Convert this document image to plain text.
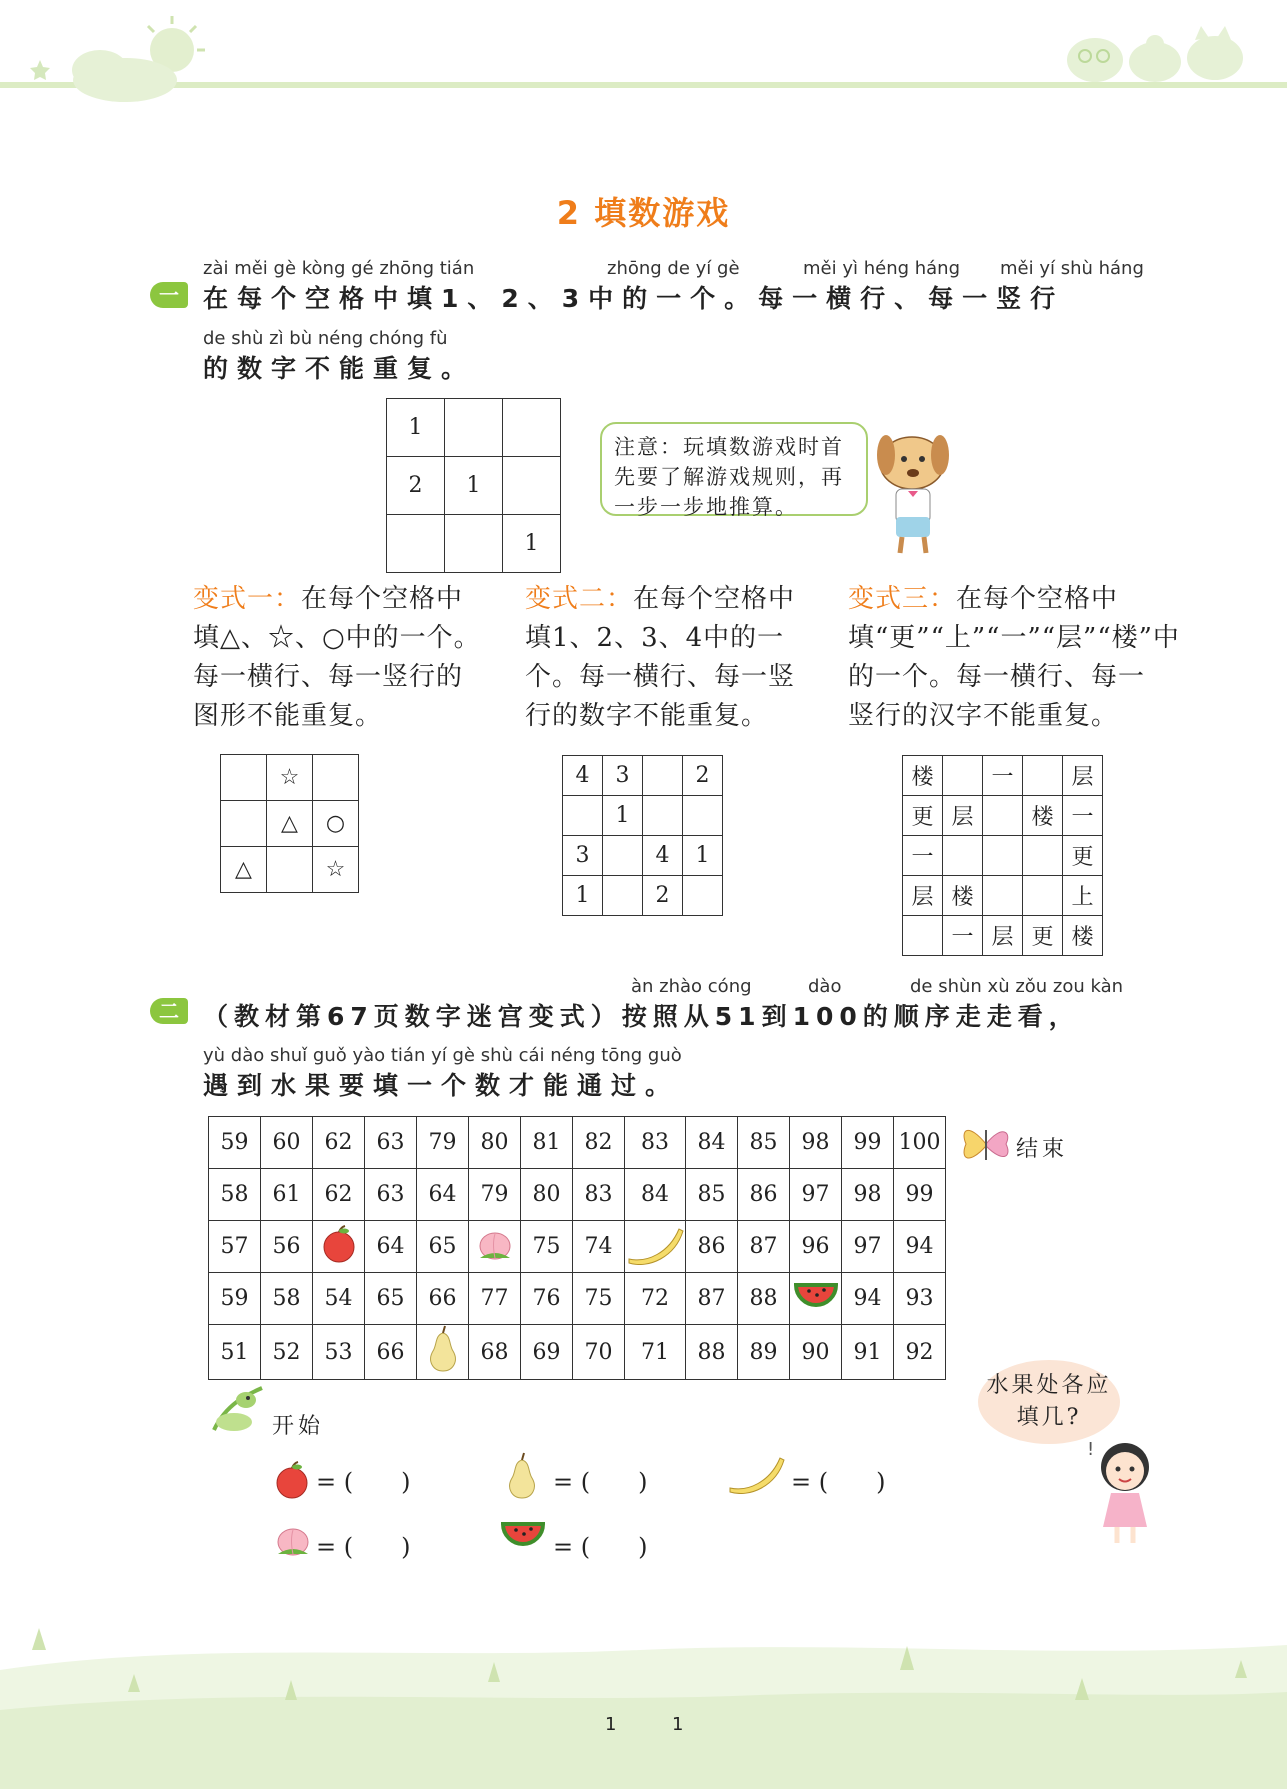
2 填数游戏
一
zài měi gè kòng gé zhōng tián	zhōng de yí gè	měi yì héng háng měi yí shù háng
在每个空格中填1、2、3中的一个。每一横行、每一竖行
de shù zì bù néng chóng fù
的数字不能重复。
1		
2	1	
		1
注意：玩填数游戏时首先要了解游戏规则，再一步一步地推算。
变式一：在每个空格中填△、☆、○中的一个。每一横行、每一竖行的图形不能重复。
变式二：在每个空格中填1、2、3、4中的一个。每一横行、每一竖行的数字不能重复。
变式三：在每个空格中填“更”“上”“一”“层”“楼”中的一个。每一横行、每一竖行的汉字不能重复。
	☆	
	△	○
△		☆
4	3		2
	1		
3		4	1
1		2	
楼		一		层
更	层		楼	一
一				更
层	楼			上
	一	层	更	楼
二
àn zhào cóng	dào	de shùn xù zǒu zou kàn
（教材第67页数字迷宫变式）按照从51到100的顺序走走看，
yù dào shuǐ guǒ yào tián yí gè shù cái néng tōng guò
遇到水果要填一个数才能通过。
59	60	62	63	79	80	81	82	83	84	85	98	99	100
58	61	62	63	64	79	80	83	84	85	86	97	98	99
57	56		64	65		75	74		86	87	96	97	94
59	58	54	65	66	77	76	75	72	87	88		94	93
51	52	53	66		68	69	70	71	88	89	90	91	92
结束
开始
水果处各应填几?
!
= (　　)	= (　　)	= (　　)
= (　　)	= (　　)
1	1
